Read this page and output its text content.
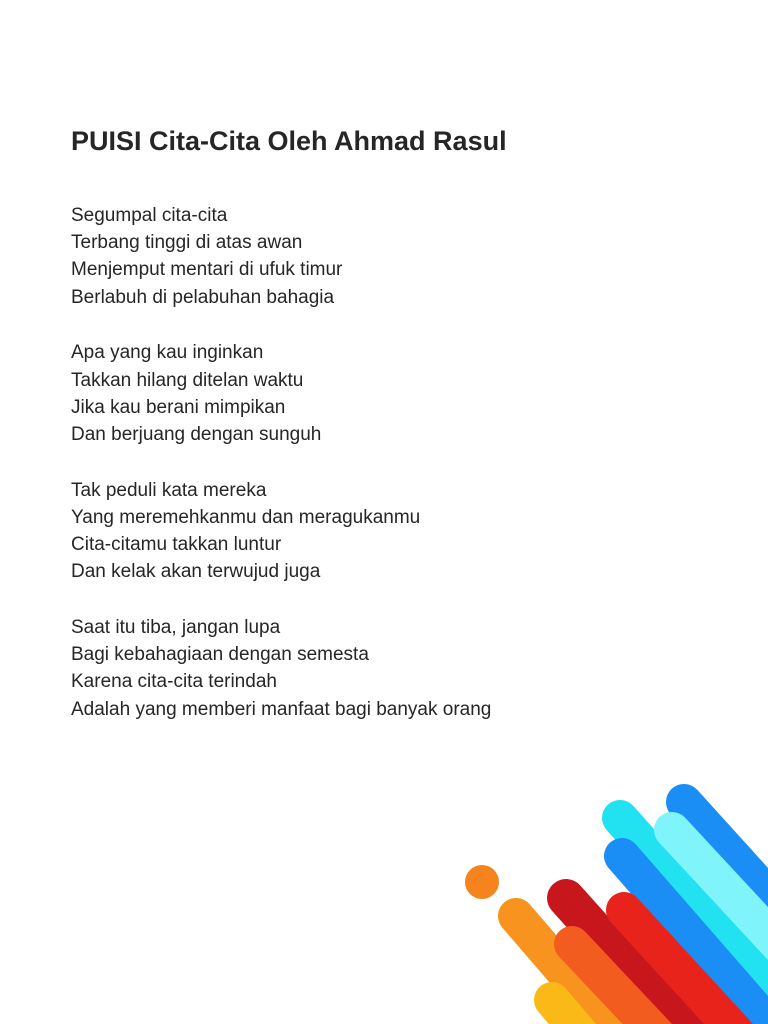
PUISI Cita-Cita Oleh Ahmad Rasul
Segumpal cita-cita
Terbang tinggi di atas awan
Menjemput mentari di ufuk timur
Berlabuh di pelabuhan bahagia
Apa yang kau inginkan
Takkan hilang ditelan waktu
Jika kau berani mimpikan
Dan berjuang dengan sunguh
Tak peduli kata mereka
Yang meremehkanmu dan meragukanmu
Cita-citamu takkan luntur
Dan kelak akan terwujud juga
Saat itu tiba, jangan lupa
Bagi kebahagiaan dengan semesta
Karena cita-cita terindah
Adalah yang memberi manfaat bagi banyak orang
